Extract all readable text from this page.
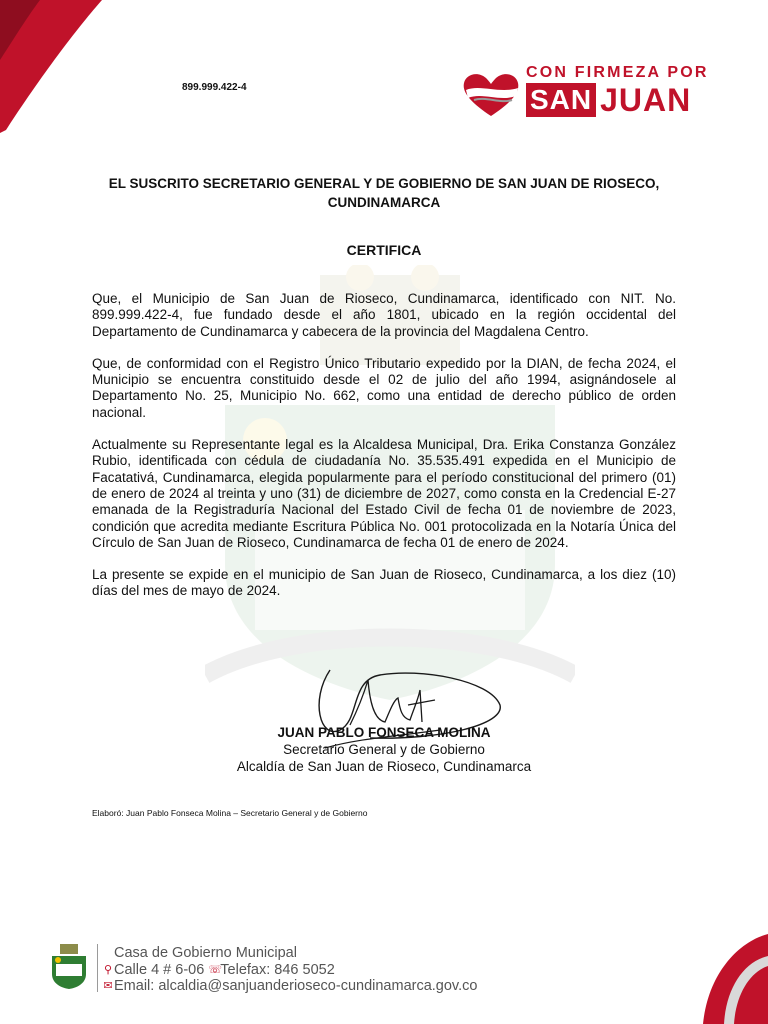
899.999.422-4
CON FIRMEZA POR
SAN JUAN
EL SUSCRITO SECRETARIO GENERAL Y DE GOBIERNO DE SAN JUAN DE RIOSECO,
CUNDINAMARCA
CERTIFICA

Que, el Municipio de San Juan de Rioseco, Cundinamarca, identificado con NIT. No. 899.999.422-4, fue fundado desde el año 1801, ubicado en la región occidental del Departamento de Cundinamarca y cabecera de la provincia del Magdalena Centro.

Que, de conformidad con el Registro Único Tributario expedido por la DIAN, de fecha 2024, el Municipio se encuentra constituido desde el 02 de julio del año 1994, asignándosele al Departamento No. 25, Municipio No. 662, como una entidad de derecho público de orden nacional.

Actualmente su Representante legal es la Alcaldesa Municipal, Dra. Erika Constanza González Rubio, identificada con cédula de ciudadanía No. 35.535.491 expedida en el Municipio de Facatativá, Cundinamarca, elegida popularmente para el período constitucional del primero (01) de enero de 2024 al treinta y uno (31) de diciembre de 2027, como consta en la Credencial E-27 emanada de la Registraduría Nacional del Estado Civil de fecha 01 de noviembre de 2023, condición que acredita mediante Escritura Pública No. 001 protocolizada en la Notaría Única del Círculo de San Juan de Rioseco, Cundinamarca de fecha 01 de enero de 2024.

La presente se expide en el municipio de San Juan de Rioseco, Cundinamarca, a los diez (10) días del mes de mayo de 2024.

JUAN PABLO FONSECA MOLINA
Secretario General y de Gobierno
Alcaldía de San Juan de Rioseco, Cundinamarca
Elaboró: Juan Pablo Fonseca Molina – Secretario General y de Gobierno
Casa de Gobierno Municipal
⚲ Calle 4 # 6-06 ☏
Telefax: 846 5052
✉ Email: alcaldia@sanjuanderioseco-cundinamarca.gov.co
